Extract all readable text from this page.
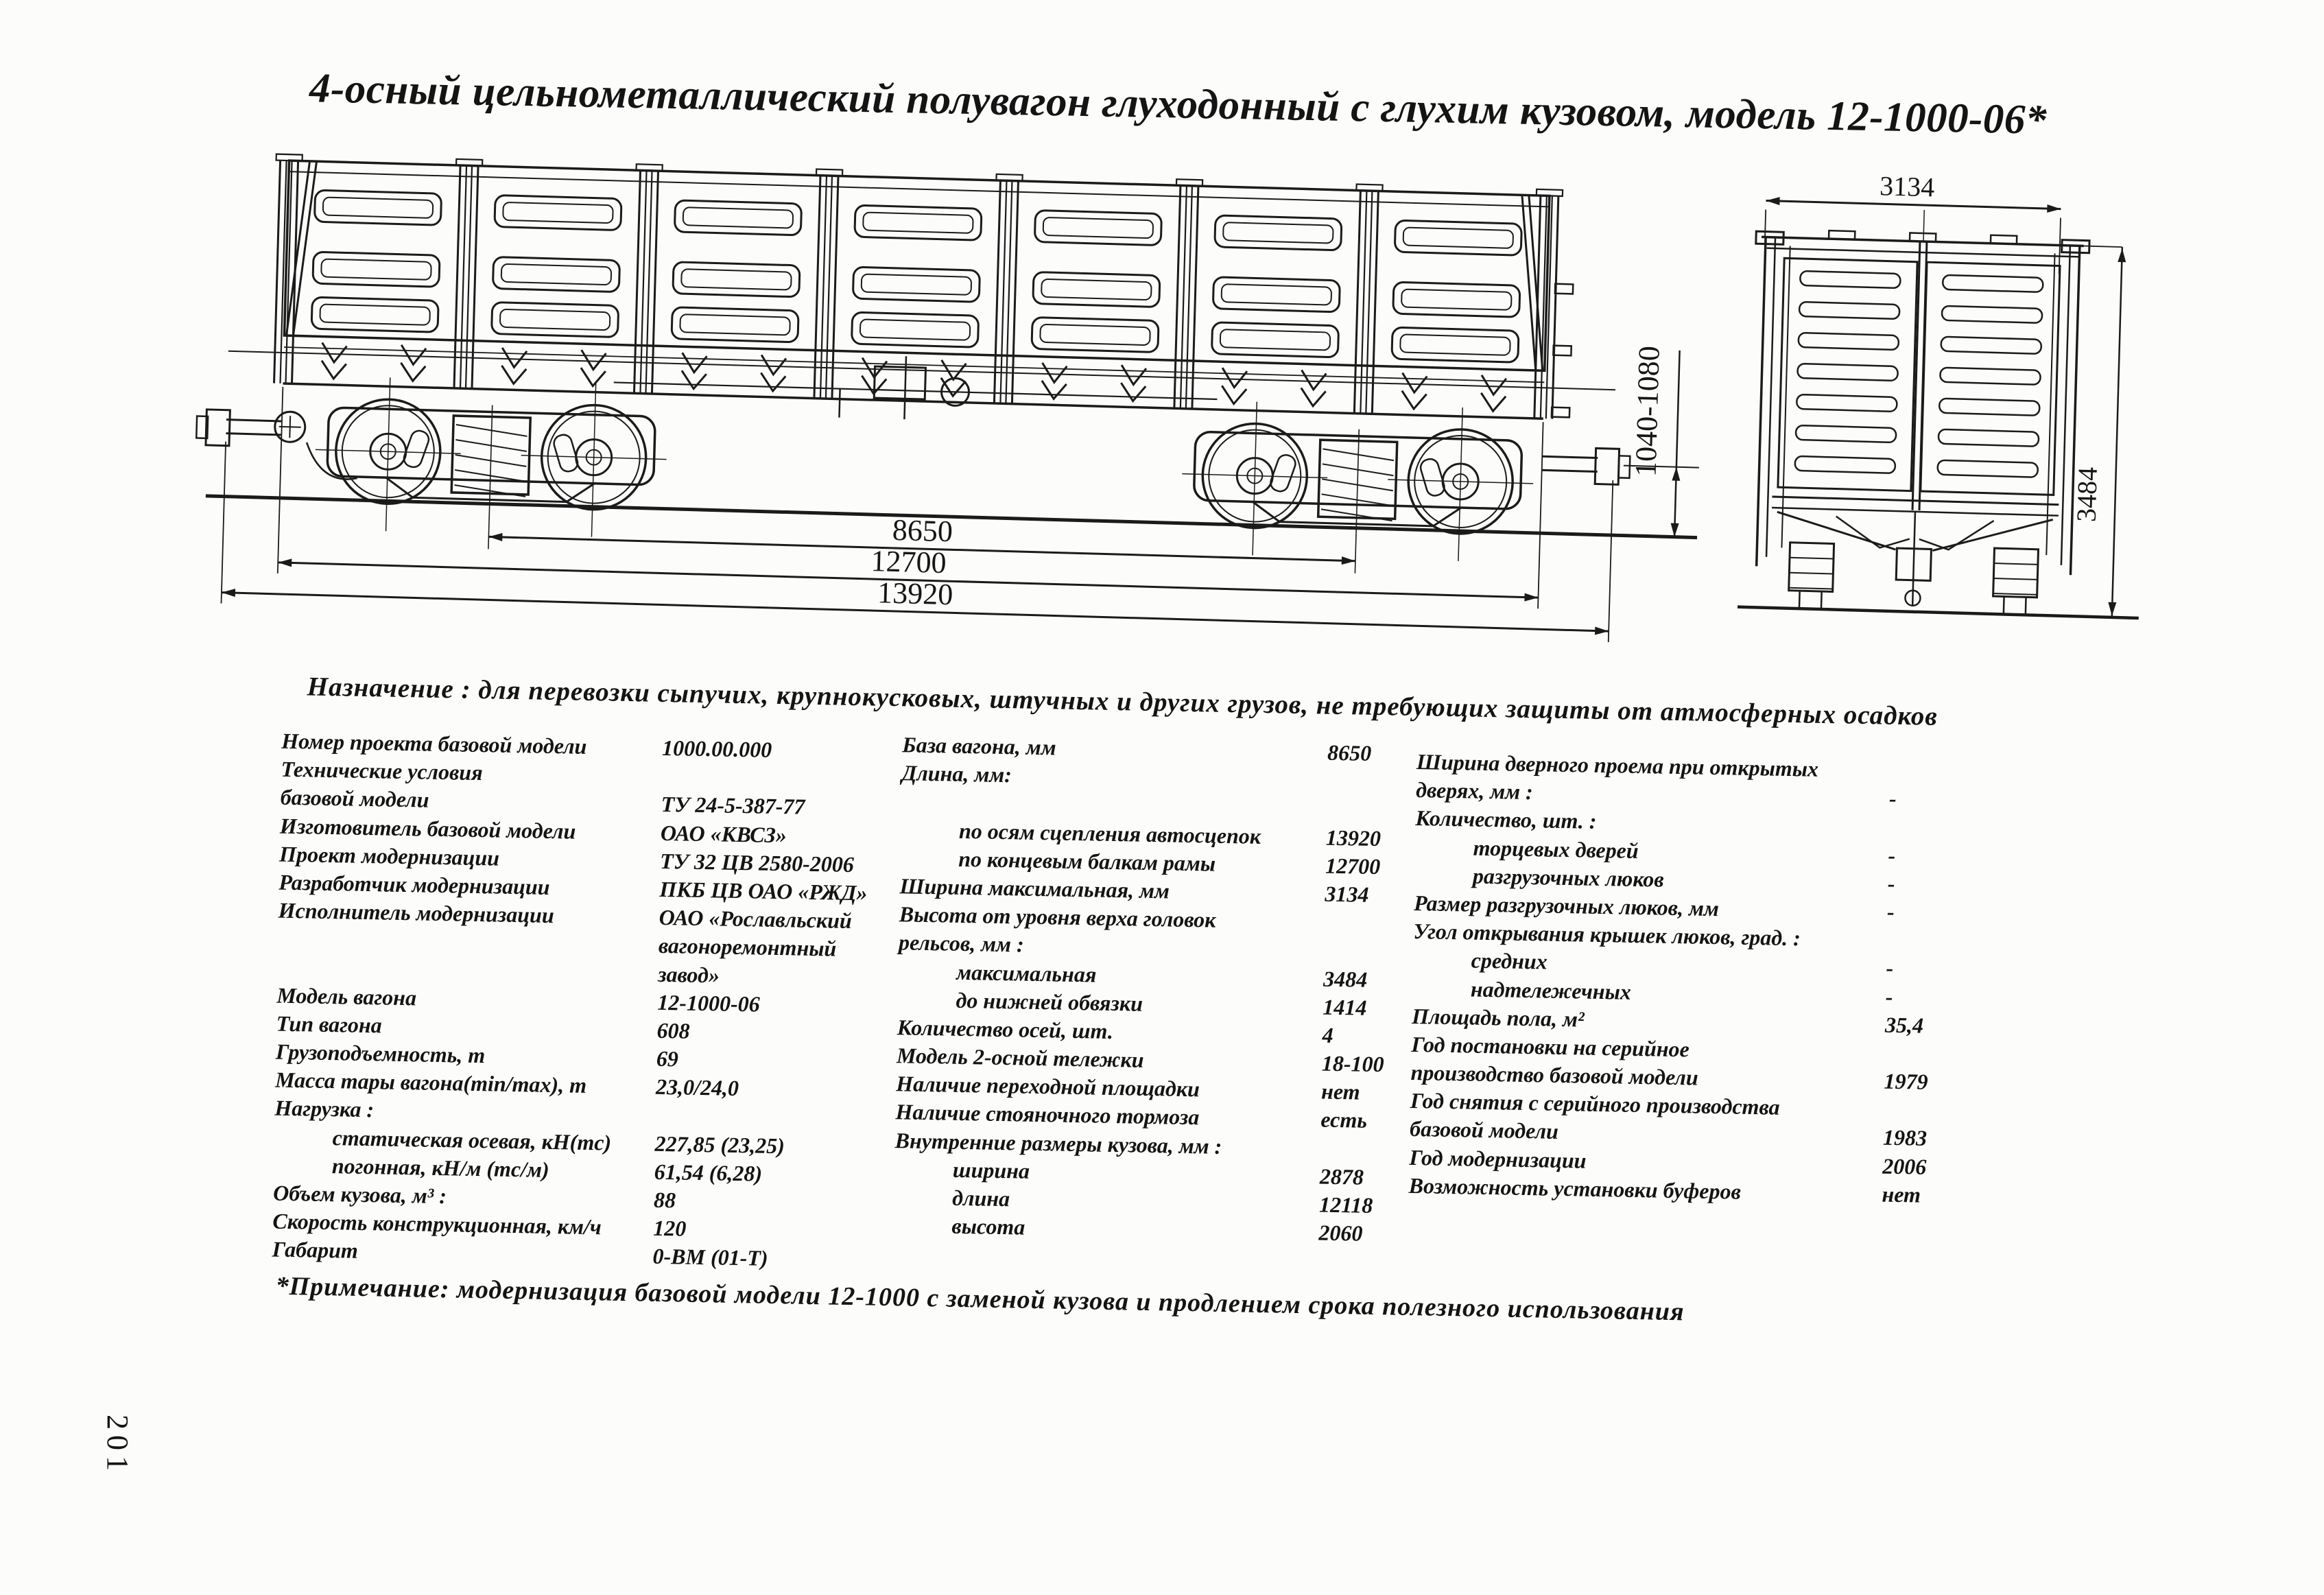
201
4-осный цельнометаллический полувагон глуходонный с глухим кузовом, модель 12-1000-06*
8650
12700
13920
1040-1080
3134
3484
Назначение : для перевозки сыпучих, крупнокусковых, штучных и других грузов, не требующих защиты от атмосферных осадков
Номер проекта базовой модели	1000.00.000
Технические условия
базовой модели	ТУ 24-5-387-77
Изготовитель базовой модели	ОАО «КВСЗ»
Проект модернизации	ТУ 32 ЦВ 2580-2006
Разработчик модернизации	ПКБ ЦВ ОАО «РЖД»
Исполнитель модернизации	ОАО «Рославльский
вагоноремонтный
завод»
Модель вагона	12-1000-06
Тип вагона	608
Грузоподъемность, т	69
Масса тары вагона(min/max), т	23,0/24,0
Нагрузка :
статическая осевая, кН(тс)	227,85 (23,25)
погонная, кН/м (тс/м)	61,54 (6,28)
Объем кузова, м³ :	88
Скорость конструкционная, км/ч	120
Габарит	0-ВМ (01-Т)
База вагона, мм	8650
Длина, мм:
по осям сцепления автосцепок	13920
по концевым балкам рамы	12700
Ширина максимальная, мм	3134
Высота от уровня верха головок
рельсов, мм :
максимальная	3484
до нижней обвязки	1414
Количество осей, шт.	4
Модель 2-осной тележки	18-100
Наличие переходной площадки	нет
Наличие стояночного тормоза	есть
Внутренние размеры кузова, мм :
ширина	2878
длина	12118
высота	2060
Ширина дверного проема при открытых
дверях, мм :	-
Количество, шт. :
торцевых дверей	-
разгрузочных люков	-
Размер разгрузочных люков, мм	-
Угол открывания крышек люков, град. :
средних	-
надтележечных	-
Площадь пола, м²	35,4
Год постановки на серийное
производство базовой модели	1979
Год снятия с серийного производства
базовой модели	1983
Год модернизации	2006
Возможность установки буферов	нет
*Примечание: модернизация базовой модели 12-1000 с заменой кузова и продлением срока полезного использования
